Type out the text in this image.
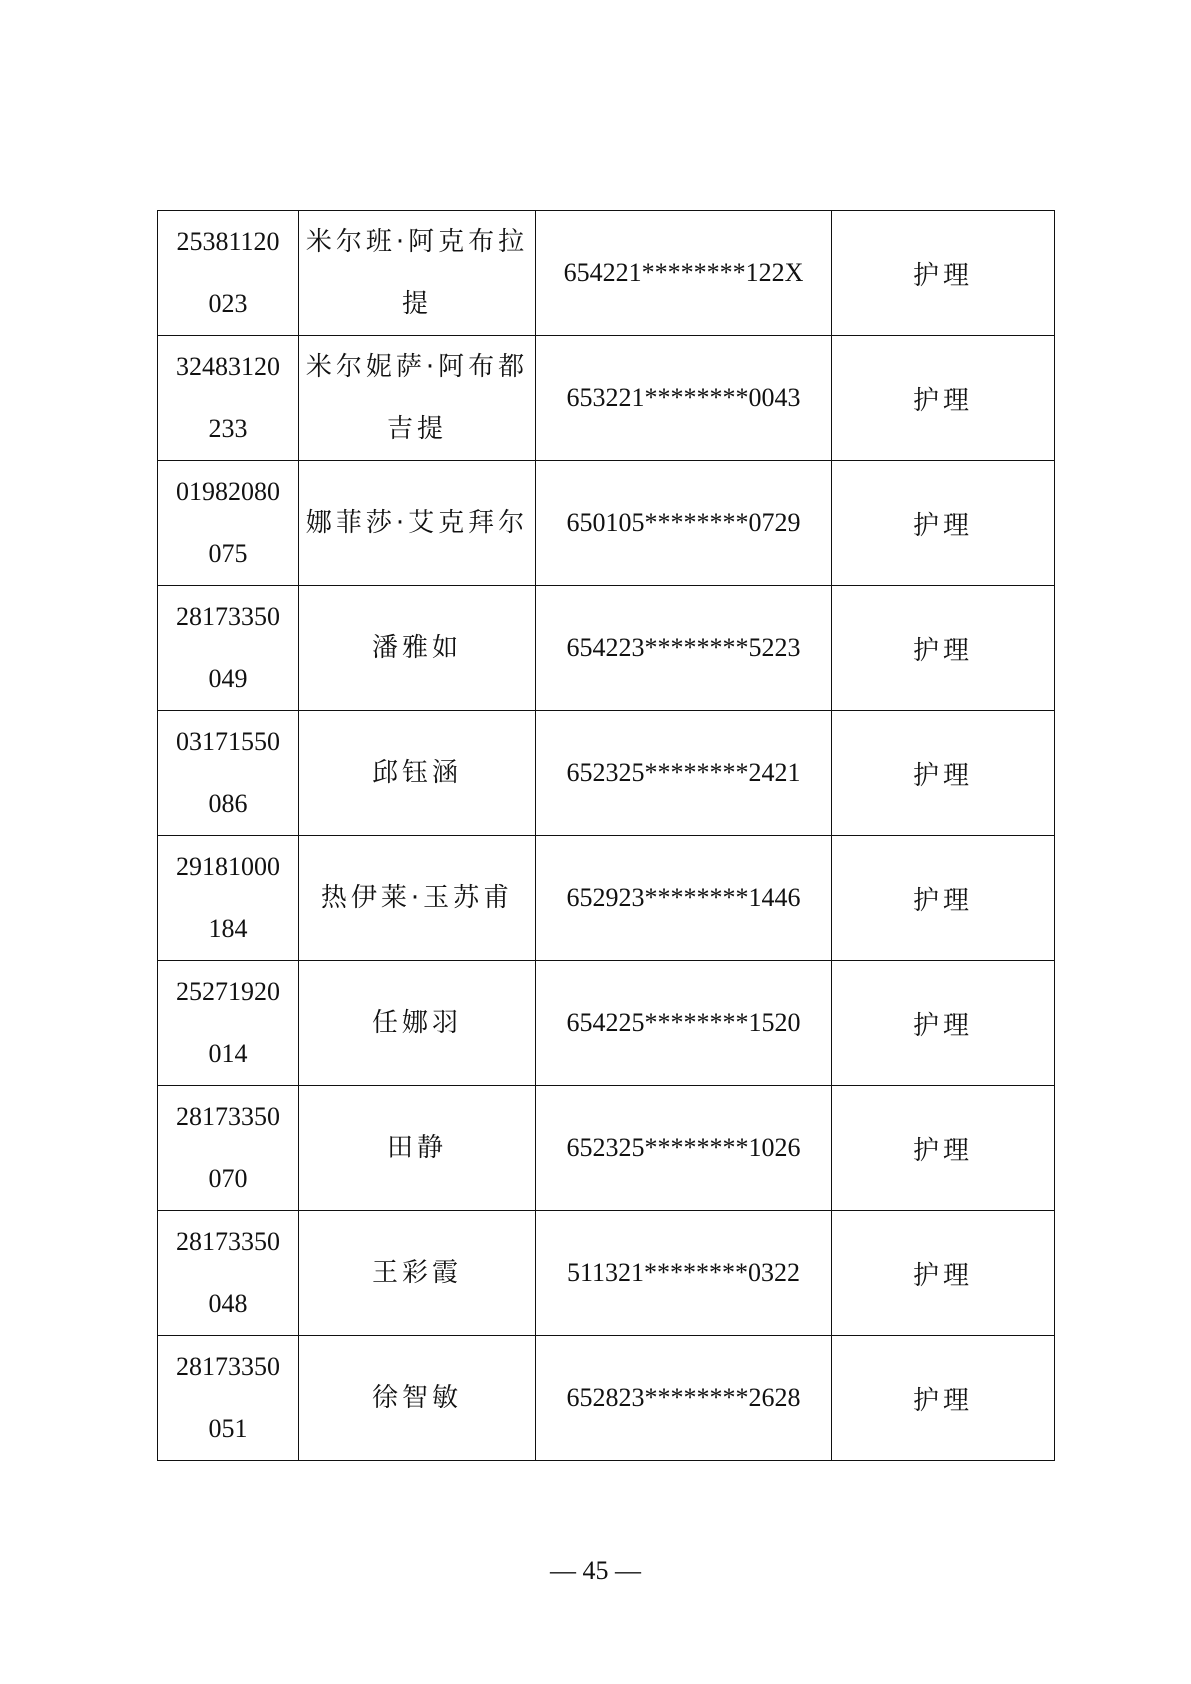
25381120
023	米尔班·阿克布拉提	654221********122X	护理

32483120
233	米尔妮萨·阿布都吉提	653221********0043	护理

01982080
075	娜菲莎·艾克拜尔	650105********0729	护理

28173350
049	潘雅如	654223********5223	护理

03171550
086	邱钰涵	652325********2421	护理

29181000
184	热伊莱·玉苏甫	652923********1446	护理

25271920
014	任娜羽	654225********1520	护理

28173350
070	田静	652325********1026	护理

28173350
048	王彩霞	511321********0322	护理

28173350
051	徐智敏	652823********2628	护理
— 45 —
